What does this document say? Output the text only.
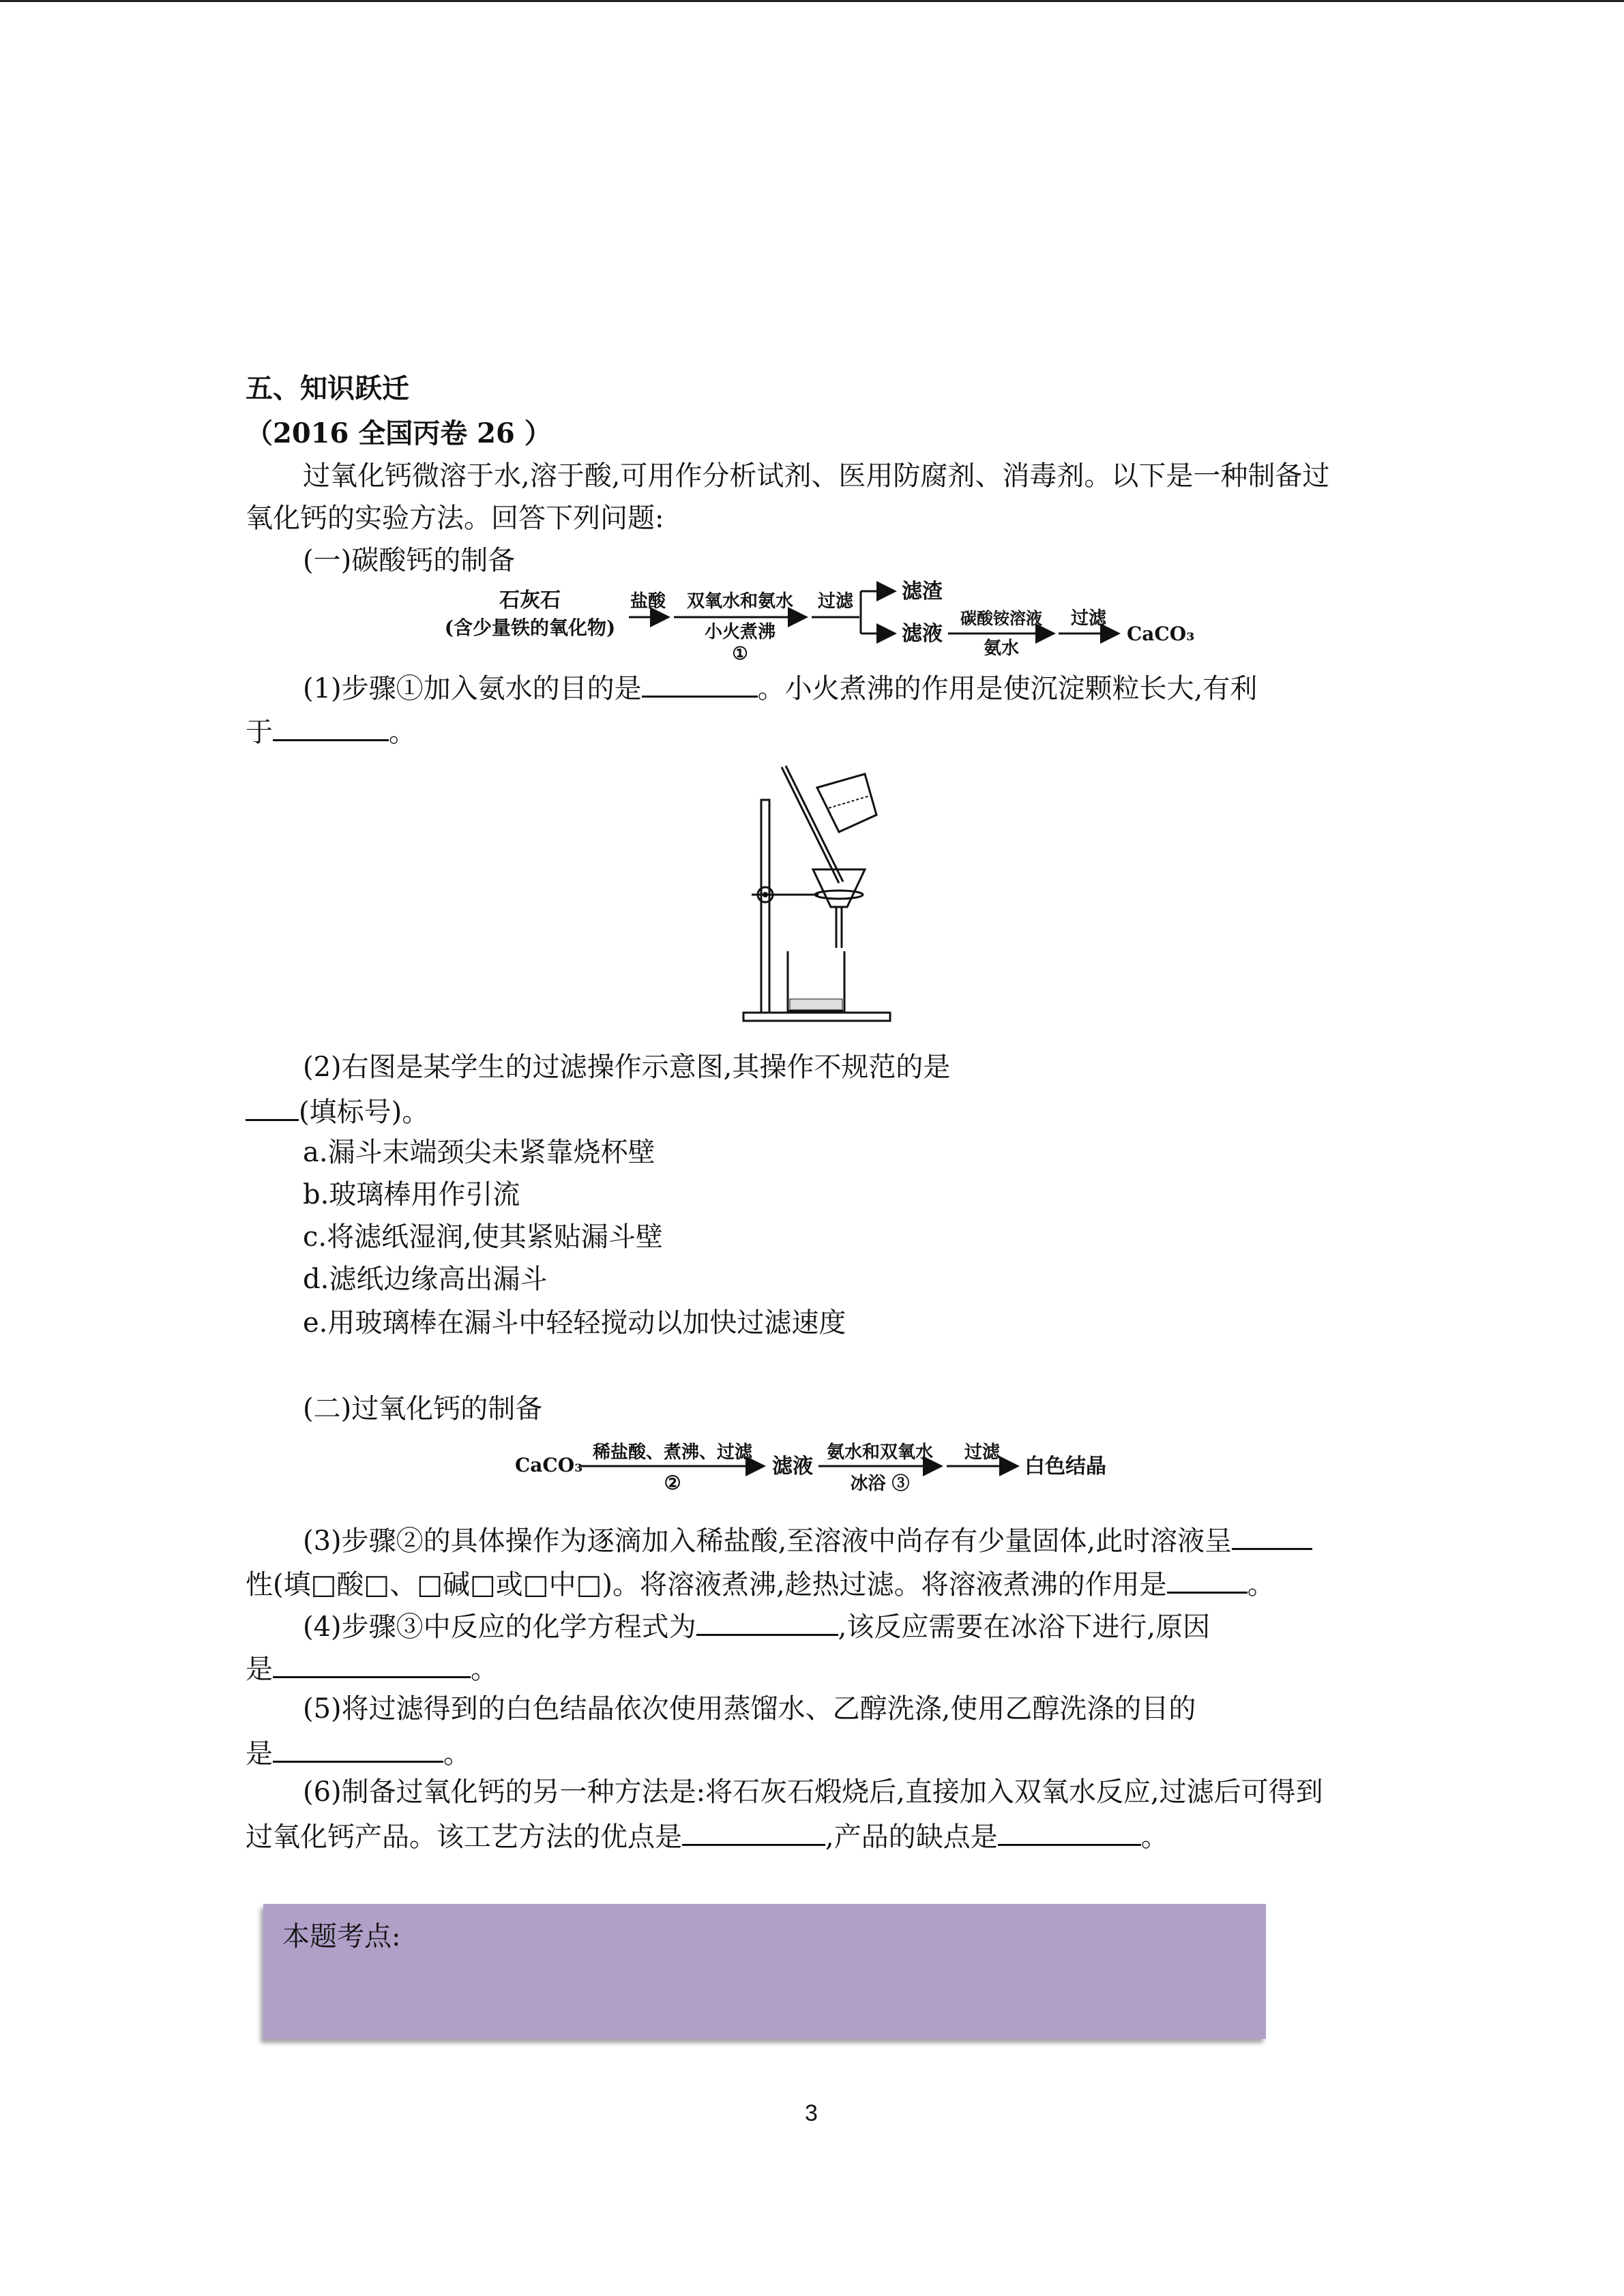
五、知识跃迁
（2016 全国丙卷 26 ）
过氧化钙微溶于水,溶于酸,可用作分析试剂、医用防腐剂、消毒剂。以下是一种制备过
氧化钙的实验方法。回答下列问题:
(一)碳酸钙的制备
石灰石
(含少量铁的氧化物)
盐酸 双氧水和氨水
小火煮沸
①
过滤 滤渣
滤液
碳酸铵溶液
氨水
过滤
CaCO₃
(1)步骤①加入氨水的目的是	。小火煮沸的作用是使沉淀颗粒长大,有利
于	。
(2)右图是某学生的过滤操作示意图,其操作不规范的是
(填标号)。
a.漏斗末端颈尖未紧靠烧杯壁
b.玻璃棒用作引流
c.将滤纸湿润,使其紧贴漏斗壁
d.滤纸边缘高出漏斗
e.用玻璃棒在漏斗中轻轻搅动以加快过滤速度
(二)过氧化钙的制备
CaCO₃
稀盐酸、煮沸、过滤
②
滤液
氨水和双氧水
冰浴 ③
过滤
白色结晶
(3)步骤②的具体操作为逐滴加入稀盐酸,至溶液中尚存有少量固体,此时溶液呈
性(填□酸□、□碱□或□中□)。将溶液煮沸,趁热过滤。将溶液煮沸的作用是	。
(4)步骤③中反应的化学方程式为	,该反应需要在冰浴下进行,原因
是	。
(5)将过滤得到的白色结晶依次使用蒸馏水、乙醇洗涤,使用乙醇洗涤的目的
是	。
(6)制备过氧化钙的另一种方法是:将石灰石煅烧后,直接加入双氧水反应,过滤后可得到
过氧化钙产品。该工艺方法的优点是	,产品的缺点是	。
本题考点:
3
